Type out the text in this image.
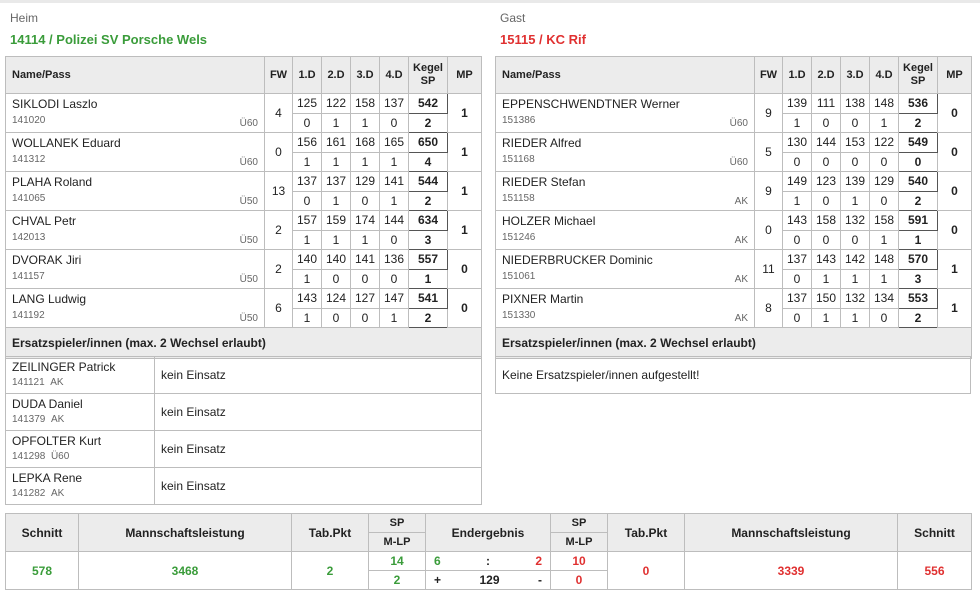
Heim
14114 / Polizei SV Porsche Wels
Gast
15115 / KC Rif
Name/Pass	FW	1.D	2.D	3.D	4.D	Kegel
SP	MP

SIKLODI Laszlo
141020 Ü60	4	125	122	158	137	542	1
		0	1	1	0	2	

WOLLANEK Eduard
141312 Ü60	0	156	161	168	165	650	1
		1	1	1	1	4	

PLAHA Roland
141065 Ü50	13	137	137	129	141	544	1
		0	1	0	1	2	

CHVAL Petr
142013 Ü50	2	157	159	174	144	634	1
		1	1	1	0	3	

DVORAK Jiri
141157 Ü50	2	140	140	141	136	557	0
		1	0	0	0	1	

LANG Ludwig
141192 Ü50	6	143	124	127	147	541	0
		1	0	0	1	2	
Ersatzspieler/innen (max. 2 Wechsel erlaubt)							
Name/Pass	FW	1.D	2.D	3.D	4.D	Kegel
SP	MP

EPPENSCHWENDTNER Werner
151386 Ü60	9	139	111	138	148	536	0
		1	0	0	1	2	

RIEDER Alfred
151168 Ü60	5	130	144	153	122	549	0
		0	0	0	0	0	

RIEDER Stefan
151158 AK	9	149	123	139	129	540	0
		1	0	1	0	2	

HOLZER Michael
151246 AK	0	143	158	132	158	591	0
		0	0	0	1	1	

NIEDERBRUCKER Dominic
151061 AK	11	137	143	142	148	570	1
		0	1	1	1	3	

PIXNER Martin
151330 AK	8	137	150	132	134	553	1
		0	1	1	0	2	
Ersatzspieler/innen (max. 2 Wechsel erlaubt)							
ZEILINGER Patrick
141121 AK	kein Einsatz

DUDA Daniel
141379 AK	kein Einsatz

OPFOLTER Kurt
141298 Ü60	kein Einsatz

LEPKA Rene
141282 AK	kein Einsatz
Keine Ersatzspieler/innen aufgestellt!
Schnitt	Mannschaftsleistung	Tab.Pkt	SP	Endergebnis	SP	Tab.Pkt	Mannschaftsleistung	Schnitt
			M-LP		M-LP			
578	3468	2	14	6 : 2	10	0	3339	556
			2	+ 129 -	0			
